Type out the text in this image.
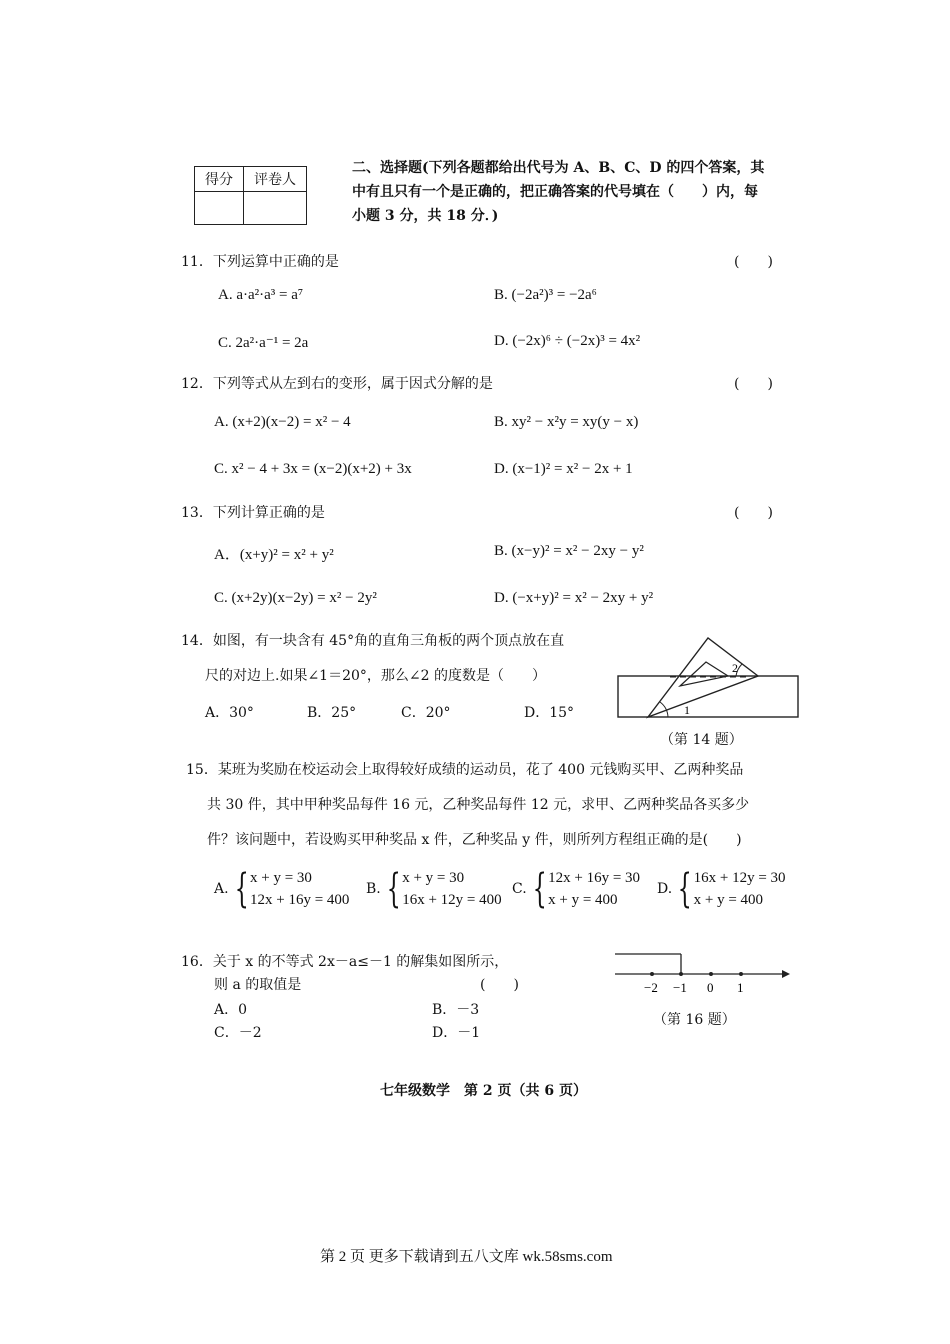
得分	评卷人

二、选择题(下列各题都给出代号为 A、B、C、D 的四个答案，其
中有且只有一个是正确的，把正确答案的代号填在（　　）内，每
小题 3 分，共 18 分．)
11．下列运算中正确的是	(　　)
A. a·a²·a³ = a⁷	B. (−2a²)³ = −2a⁶
C. 2a²·a⁻¹ = 2a	D. (−2x)⁶ ÷ (−2x)³ = 4x²
12．下列等式从左到右的变形，属于因式分解的是	(　　)
A. (x+2)(x−2) = x² − 4	B. xy² − x²y = xy(y − x)
C. x² − 4 + 3x = (x−2)(x+2) + 3x	D. (x−1)² = x² − 2x + 1
13．下列计算正确的是	(　　)
A．(x+y)² = x² + y²	B. (x−y)² = x² − 2xy − y²
C. (x+2y)(x−2y) = x² − 2y²	D. (−x+y)² = x² − 2xy + y²
14．如图，有一块含有 45°角的直角三角板的两个顶点放在直
尺的对边上.如果∠1＝20°，那么∠2 的度数是（　　）
A．30°	B．25°	C．20°	D．15°	1
2
（第 14 题）
15．某班为奖励在校运动会上取得较好成绩的运动员，花了 400 元钱购买甲、乙两种奖品
共 30 件，其中甲种奖品每件 16 元，乙种奖品每件 12 元，求甲、乙两种奖品各买多少
件？该问题中，若设购买甲种奖品 x 件，乙种奖品 y 件，则所列方程组正确的是(　　)
A. { x + y = 30
12x + 16y = 400
B. { x + y = 30
16x + 12y = 400
C. { 12x + 16y = 30
x + y = 400
D. { 16x + 12y = 30
x + y = 400
16．关于 x 的不等式 2x－a≤－1 的解集如图所示，
则 a 的取值是	(　　)
A．0	B．－3
C．－2	D．－1
−2 −1 0 1
（第 16 题）
七年级数学　第 2 页（共 6 页）
第 2 页 更多下载请到五八文库 wk.58sms.com
